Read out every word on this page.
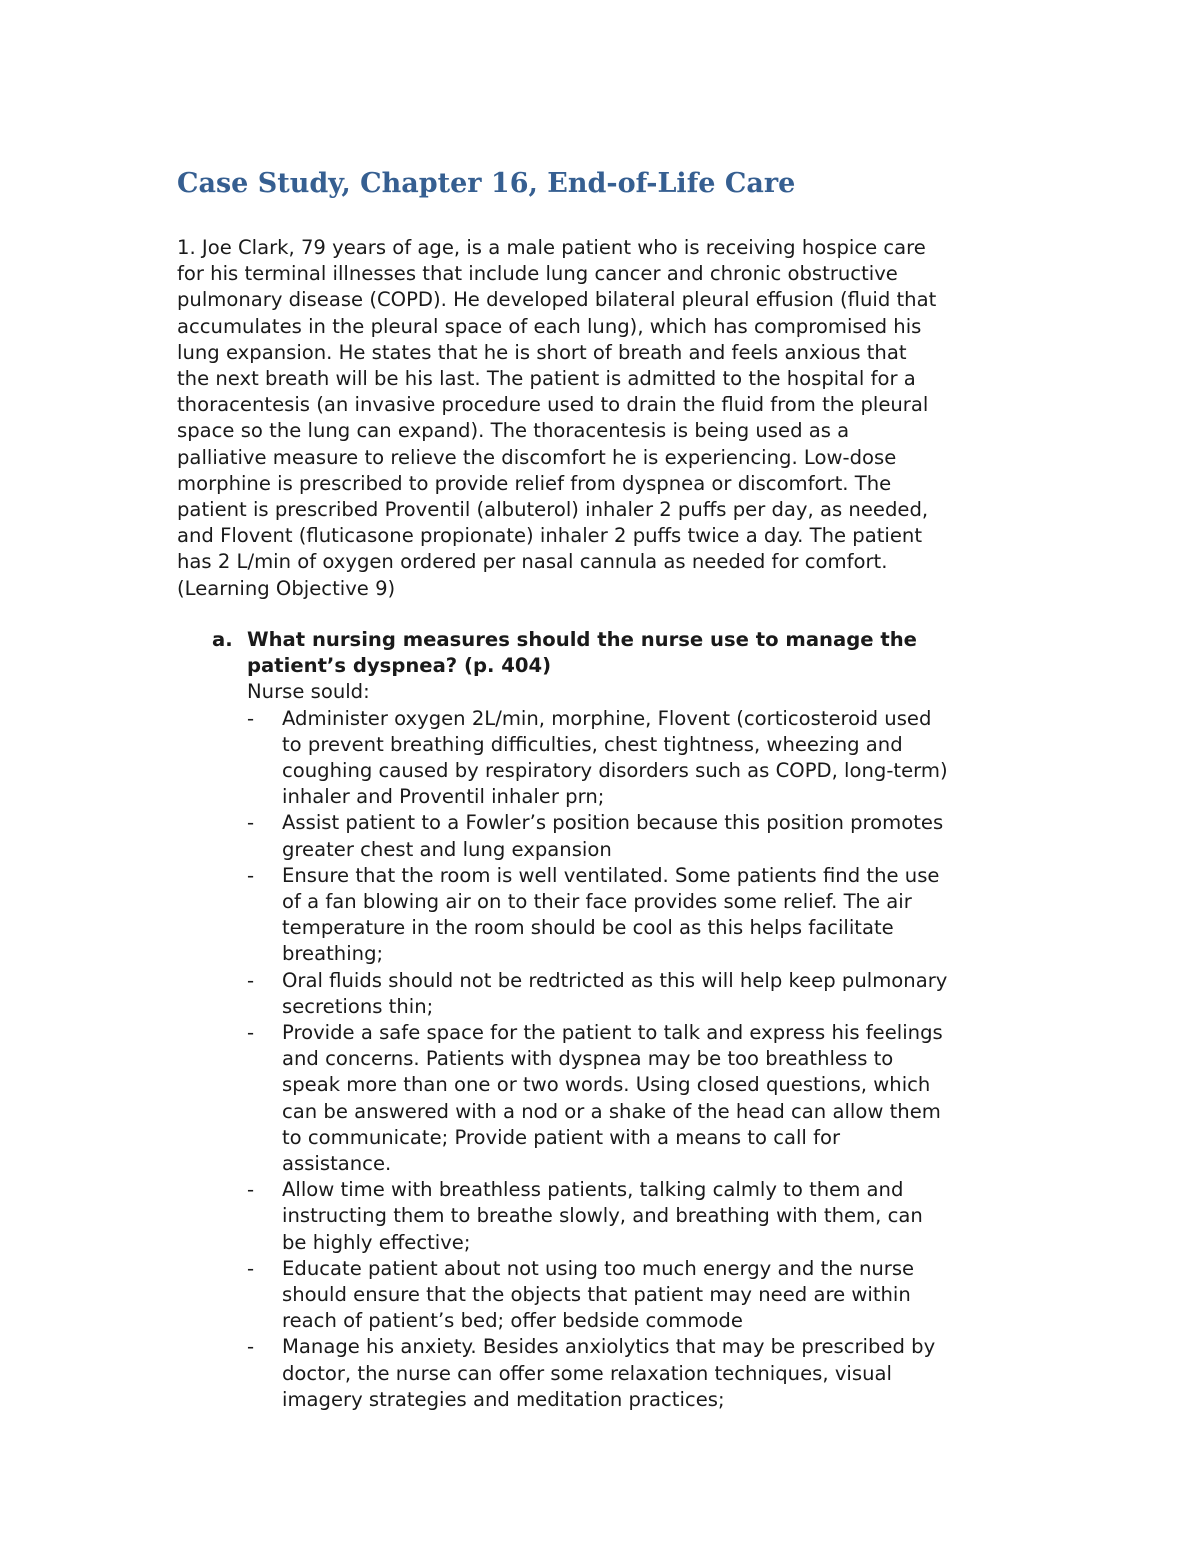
Case Study, Chapter 16, End-of-Life Care

1. Joe Clark, 79 years of age, is a male patient who is receiving hospice care
for his terminal illnesses that include lung cancer and chronic obstructive
pulmonary disease (COPD). He developed bilateral pleural effusion (fluid that
accumulates in the pleural space of each lung), which has compromised his
lung expansion. He states that he is short of breath and feels anxious that
the next breath will be his last. The patient is admitted to the hospital for a
thoracentesis (an invasive procedure used to drain the fluid from the pleural
space so the lung can expand). The thoracentesis is being used as a
palliative measure to relieve the discomfort he is experiencing. Low-dose
morphine is prescribed to provide relief from dyspnea or discomfort. The
patient is prescribed Proventil (albuterol) inhaler 2 puffs per day, as needed,
and Flovent (fluticasone propionate) inhaler 2 puffs twice a day. The patient
has 2 L/min of oxygen ordered per nasal cannula as needed for comfort.
(Learning Objective 9)

a. What nursing measures should the nurse use to manage the
patient’s dyspnea? (p. 404)

Nurse sould:

- Administer oxygen 2L/min, morphine, Flovent (corticosteroid used
to prevent breathing difficulties, chest tightness, wheezing and
coughing caused by respiratory disorders such as COPD, long-term)
inhaler and Proventil inhaler prn;
- Assist patient to a Fowler’s position because this position promotes
greater chest and lung expansion
- Ensure that the room is well ventilated. Some patients find the use
of a fan blowing air on to their face provides some relief. The air
temperature in the room should be cool as this helps facilitate
breathing;
- Oral fluids should not be redtricted as this will help keep pulmonary
secretions thin;
- Provide a safe space for the patient to talk and express his feelings
and concerns. Patients with dyspnea may be too breathless to
speak more than one or two words. Using closed questions, which
can be answered with a nod or a shake of the head can allow them
to communicate; Provide patient with a means to call for
assistance.
- Allow time with breathless patients, talking calmly to them and
instructing them to breathe slowly, and breathing with them, can
be highly effective;
- Educate patient about not using too much energy and the nurse
should ensure that the objects that patient may need are within
reach of patient’s bed; offer bedside commode
- Manage his anxiety. Besides anxiolytics that may be prescribed by
doctor, the nurse can offer some relaxation techniques, visual
imagery strategies and meditation practices;
